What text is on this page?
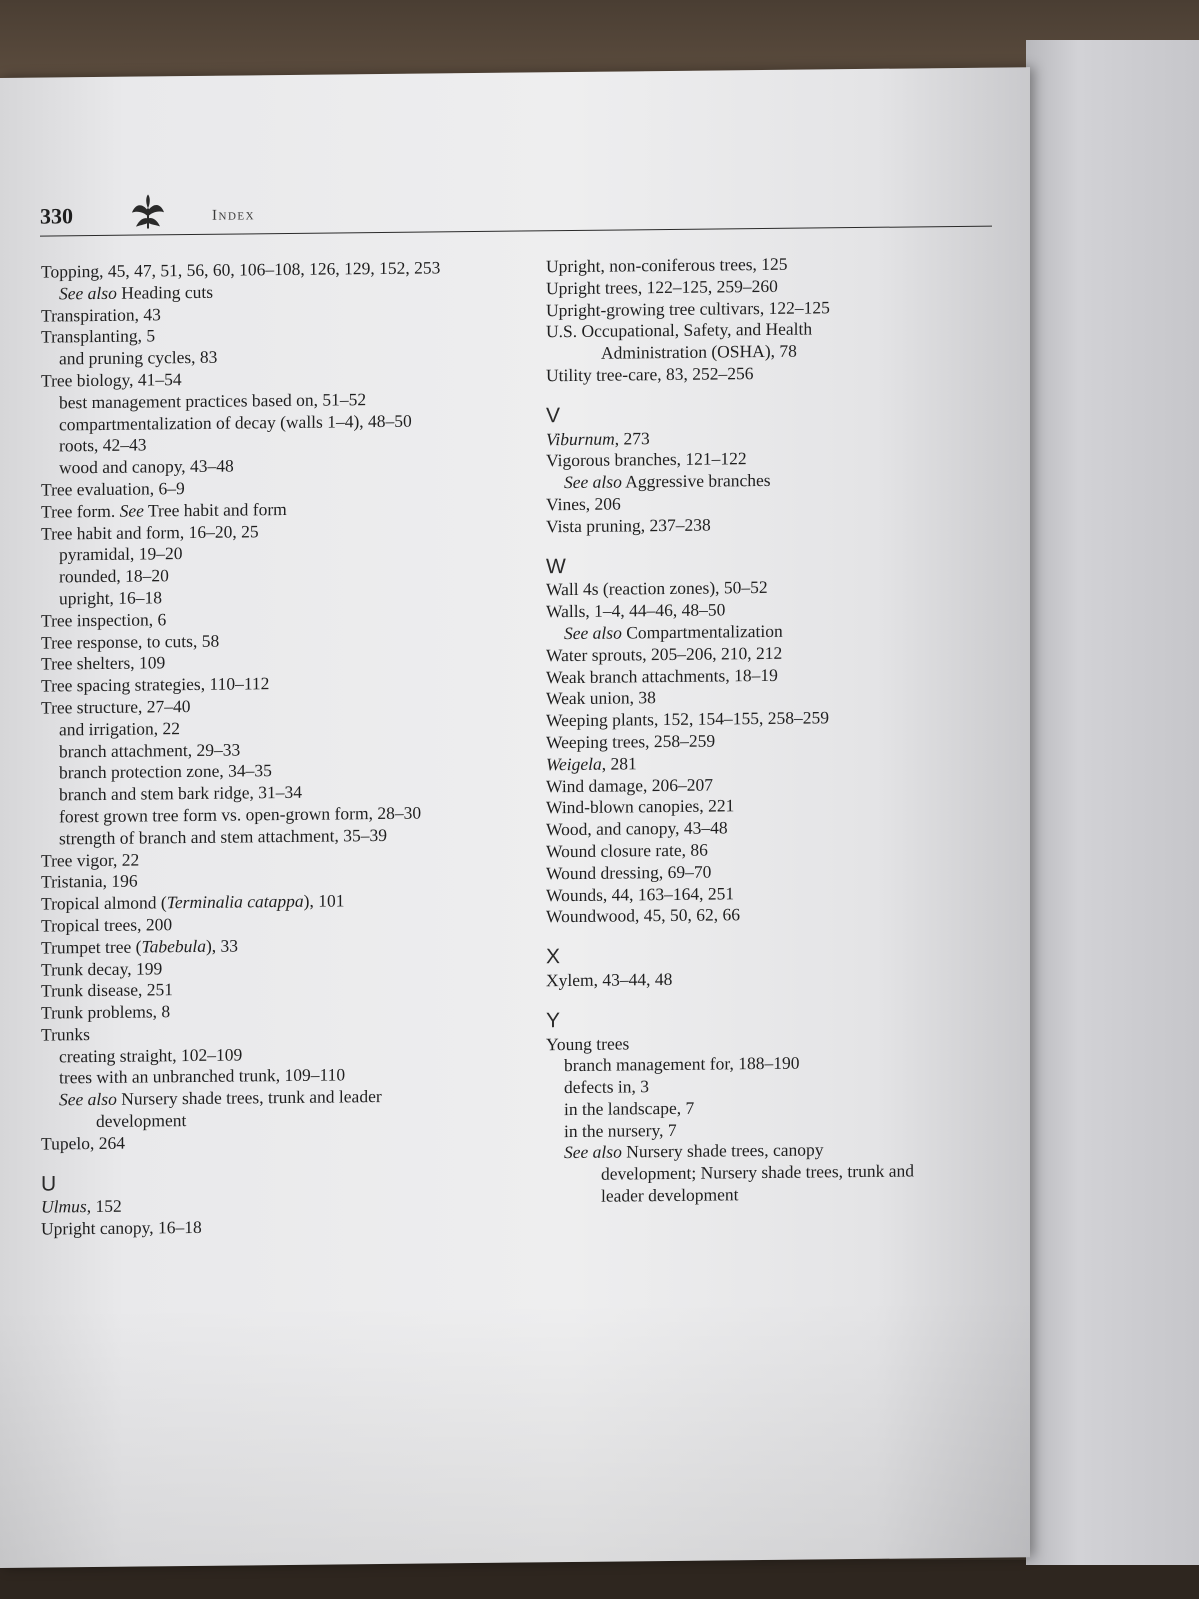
330	Index
Topping, 45, 47, 51, 56, 60, 106–108, 126, 129, 152, 253
See also Heading cuts
Transpiration, 43
Transplanting, 5
and pruning cycles, 83
Tree biology, 41–54
best management practices based on, 51–52
compartmentalization of decay (walls 1–4), 48–50
roots, 42–43
wood and canopy, 43–48
Tree evaluation, 6–9
Tree form. See Tree habit and form
Tree habit and form, 16–20, 25
pyramidal, 19–20
rounded, 18–20
upright, 16–18
Tree inspection, 6
Tree response, to cuts, 58
Tree shelters, 109
Tree spacing strategies, 110–112
Tree structure, 27–40
and irrigation, 22
branch attachment, 29–33
branch protection zone, 34–35
branch and stem bark ridge, 31–34
forest grown tree form vs. open-grown form, 28–30
strength of branch and stem attachment, 35–39
Tree vigor, 22
Tristania, 196
Tropical almond (Terminalia catappa), 101
Tropical trees, 200
Trumpet tree (Tabebula), 33
Trunk decay, 199
Trunk disease, 251
Trunk problems, 8
Trunks
creating straight, 102–109
trees with an unbranched trunk, 109–110
See also Nursery shade trees, trunk and leader
development
Tupelo, 264
U
Ulmus, 152
Upright canopy, 16–18
Upright, non-coniferous trees, 125
Upright trees, 122–125, 259–260
Upright-growing tree cultivars, 122–125
U.S. Occupational, Safety, and Health
Administration (OSHA), 78
Utility tree-care, 83, 252–256
V
Viburnum, 273
Vigorous branches, 121–122
See also Aggressive branches
Vines, 206
Vista pruning, 237–238
W
Wall 4s (reaction zones), 50–52
Walls, 1–4, 44–46, 48–50
See also Compartmentalization
Water sprouts, 205–206, 210, 212
Weak branch attachments, 18–19
Weak union, 38
Weeping plants, 152, 154–155, 258–259
Weeping trees, 258–259
Weigela, 281
Wind damage, 206–207
Wind-blown canopies, 221
Wood, and canopy, 43–48
Wound closure rate, 86
Wound dressing, 69–70
Wounds, 44, 163–164, 251
Woundwood, 45, 50, 62, 66
X
Xylem, 43–44, 48
Y
Young trees
branch management for, 188–190
defects in, 3
in the landscape, 7
in the nursery, 7
See also Nursery shade trees, canopy
development; Nursery shade trees, trunk and
leader development
